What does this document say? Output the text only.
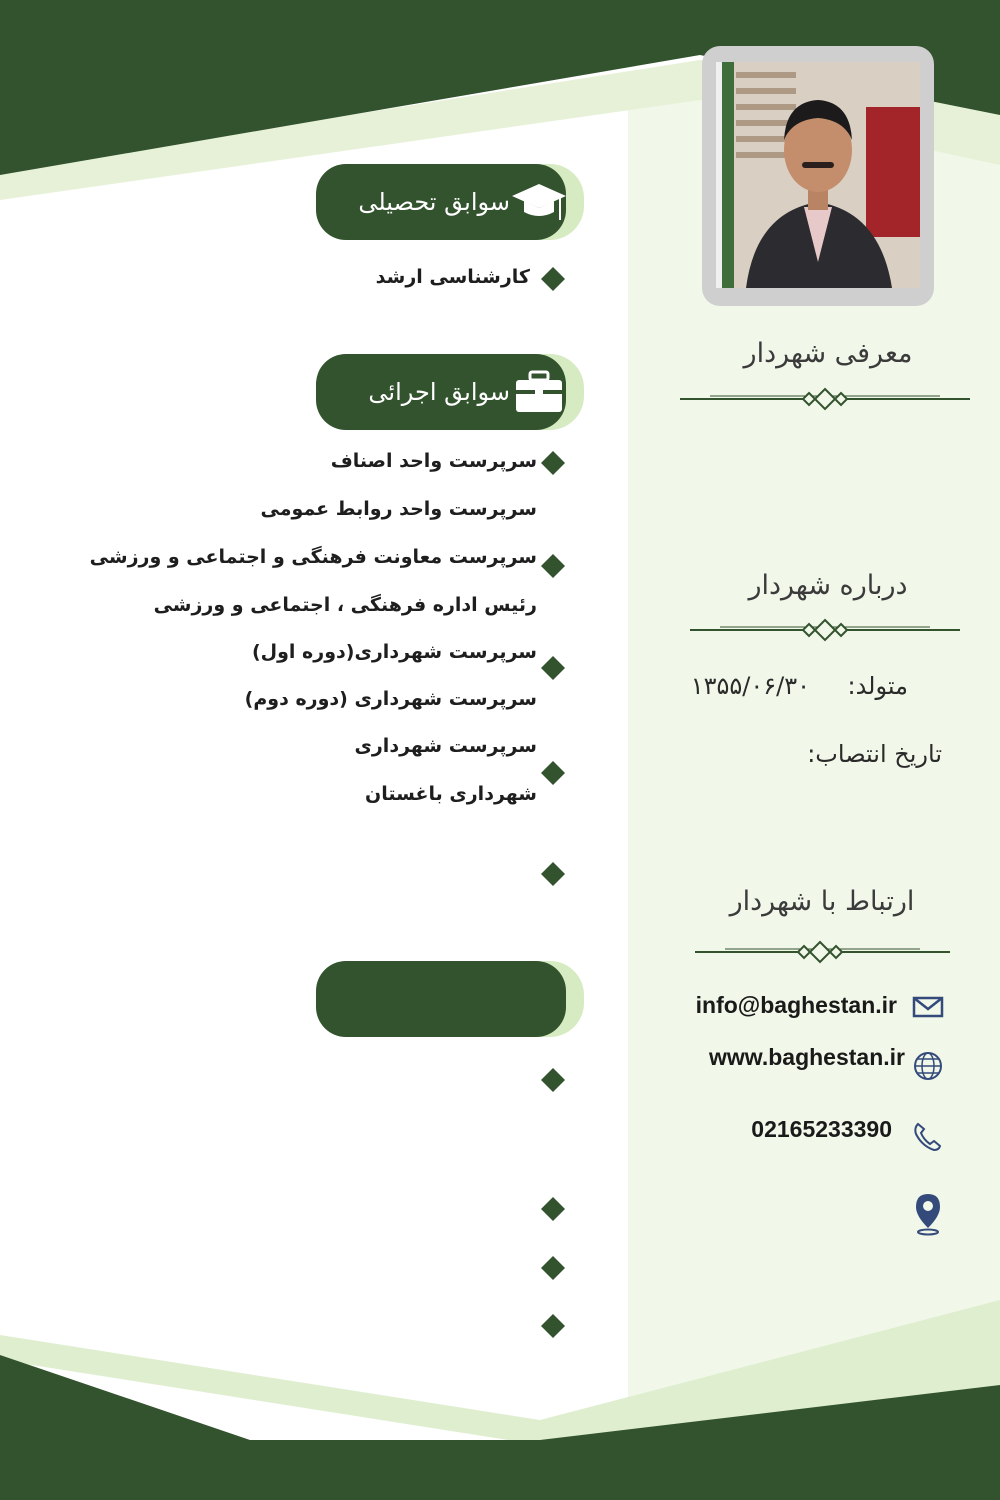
معرفی شهردار
درباره شهردار
متولد:
۱۳۵۵/۰۶/۳۰
تاریخ انتصاب:
ارتباط با شهردار
info@baghestan.ir
www.baghestan.ir
02165233390
سوابق تحصیلی
کارشناسی ارشد
سوابق اجرائی
سرپرست واحد اصناف
سرپرست واحد روابط عمومی
سرپرست معاونت فرهنگی و اجتماعی و ورزشی
رئیس اداره فرهنگی ، اجتماعی و ورزشی
سرپرست شهرداری(دوره اول)
سرپرست شهرداری (دوره دوم)
سرپرست شهرداری
شهرداری باغستان
